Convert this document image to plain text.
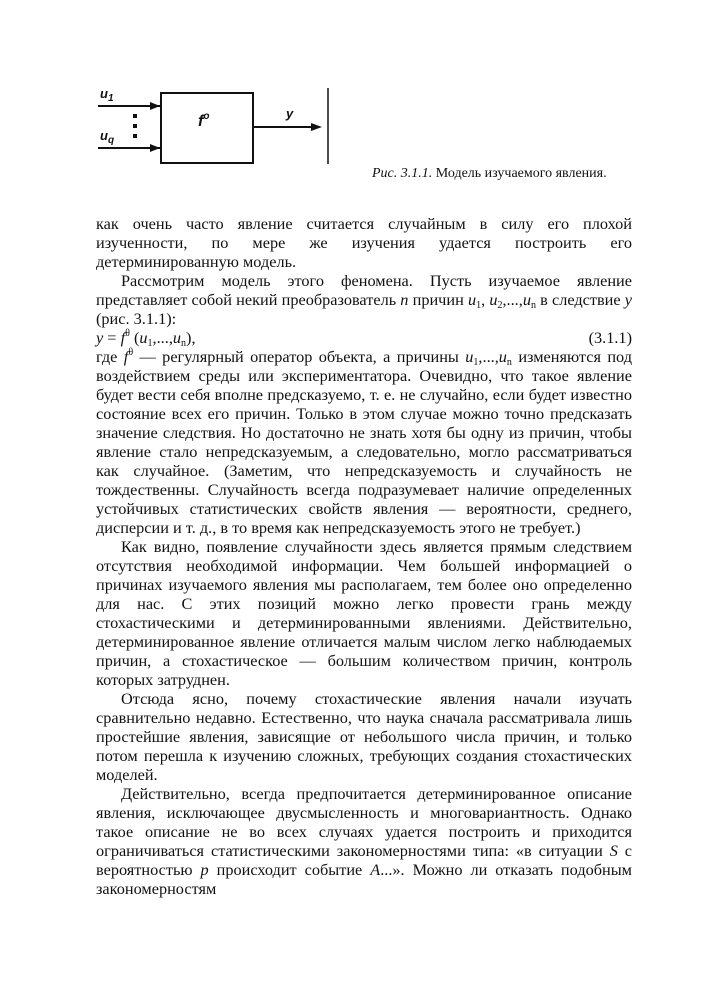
$u_1$
$u_q$
$f^o$	y
Рис. 3.1.1. Модель изучаемого явления.

как очень часто явление считается случайным в силу его плохой изученности, по мере же изучения удается построить его детерминированную модель.

Рассмотрим модель этого феномена. Пусть изучаемое явление представляет собой некий преобразователь n причин $u_1$, $u_2,...,u_n$ в следствие y (рис. 3.1.1):

$y = f^\theta$ $(u_1,...,u_n)$,	(3.1.1)

где $f^\theta$ — регулярный оператор объекта, а причины $u_1,...,u_n$ изменяются под воздействием среды или экспериментатора. Очевидно, что такое явление будет вести себя вполне предсказуемо, т. е. не случайно, если будет известно состояние всех его причин. Только в этом случае можно точно предсказать значение следствия. Но достаточно не знать хотя бы одну из причин, чтобы явление стало непредсказуемым, а следовательно, могло рассматриваться как случайное. (Заметим, что непредсказуемость и случайность не тождественны. Случайность всегда подразумевает наличие определенных устойчивых статистических свойств явления — вероятности, среднего, дисперсии и т. д., в то время как непредсказуемость этого не требует.)

Как видно, появление случайности здесь является прямым следствием отсутствия необходимой информации. Чем большей информацией о причинах изучаемого явления мы располагаем, тем более оно определенно для нас. С этих позиций можно легко провести грань между стохастическими и детерминированными явлениями. Действительно, детерминированное явление отличается малым числом легко наблюдаемых причин, а стохастическое — большим количеством причин, контроль которых затруднен.

Отсюда ясно, почему стохастические явления начали изучать сравнительно недавно. Естественно, что наука сначала рассматривала лишь простейшие явления, зависящие от небольшого числа причин, и только потом перешла к изучению сложных, требующих создания стохастических моделей.

Действительно, всегда предпочитается детерминированное описание явления, исключающее двусмысленность и многовариантность. Однако такое описание не во всех случаях удается построить и приходится ограничиваться статистическими закономерностями типа: «в ситуации S с вероятностью p происходит событие A...». Можно ли отказать подобным закономерностям
